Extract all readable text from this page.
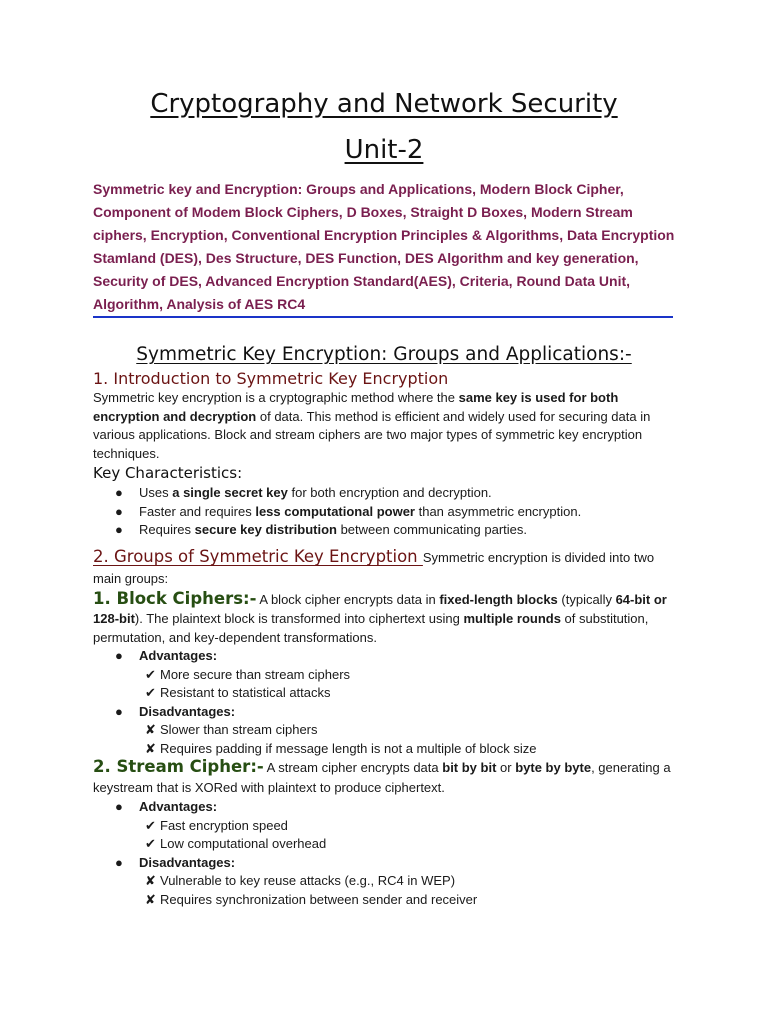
Cryptography and Network Security
Unit-2
Symmetric key and Encryption: Groups and Applications, Modern Block Cipher, Component of Modem Block Ciphers, D Boxes, Straight D Boxes, Modern Stream ciphers, Encryption, Conventional Encryption Principles & Algorithms, Data Encryption Stamland (DES), Des Structure, DES Function, DES Algorithm and key generation, Security of DES, Advanced Encryption Standard(AES), Criteria, Round Data Unit, Algorithm, Analysis of AES RC4
Symmetric Key Encryption: Groups and Applications:-
1. Introduction to Symmetric Key Encryption

Symmetric key encryption is a cryptographic method where the same key is used for both encryption and decryption of data. This method is efficient and widely used for securing data in various applications. Block and stream ciphers are two major types of symmetric key encryption techniques.

Key Characteristics:
● Uses a single secret key for both encryption and decryption.
● Faster and requires less computational power than asymmetric encryption.
● Requires secure key distribution between communicating parties.

2. Groups of Symmetric Key Encryption Symmetric encryption is divided into two main groups:

1. Block Ciphers:- A block cipher encrypts data in fixed-length blocks (typically 64-bit or 128-bit). The plaintext block is transformed into ciphertext using multiple rounds of substitution, permutation, and key-dependent transformations.

● Advantages:
✔ More secure than stream ciphers
✔ Resistant to statistical attacks
● Disadvantages:
✘ Slower than stream ciphers
✘ Requires padding if message length is not a multiple of block size

2. Stream Cipher:- A stream cipher encrypts data bit by bit or byte by byte, generating a keystream that is XORed with plaintext to produce ciphertext.

● Advantages:
✔ Fast encryption speed
✔ Low computational overhead
● Disadvantages:
✘ Vulnerable to key reuse attacks (e.g., RC4 in WEP)
✘ Requires synchronization between sender and receiver
